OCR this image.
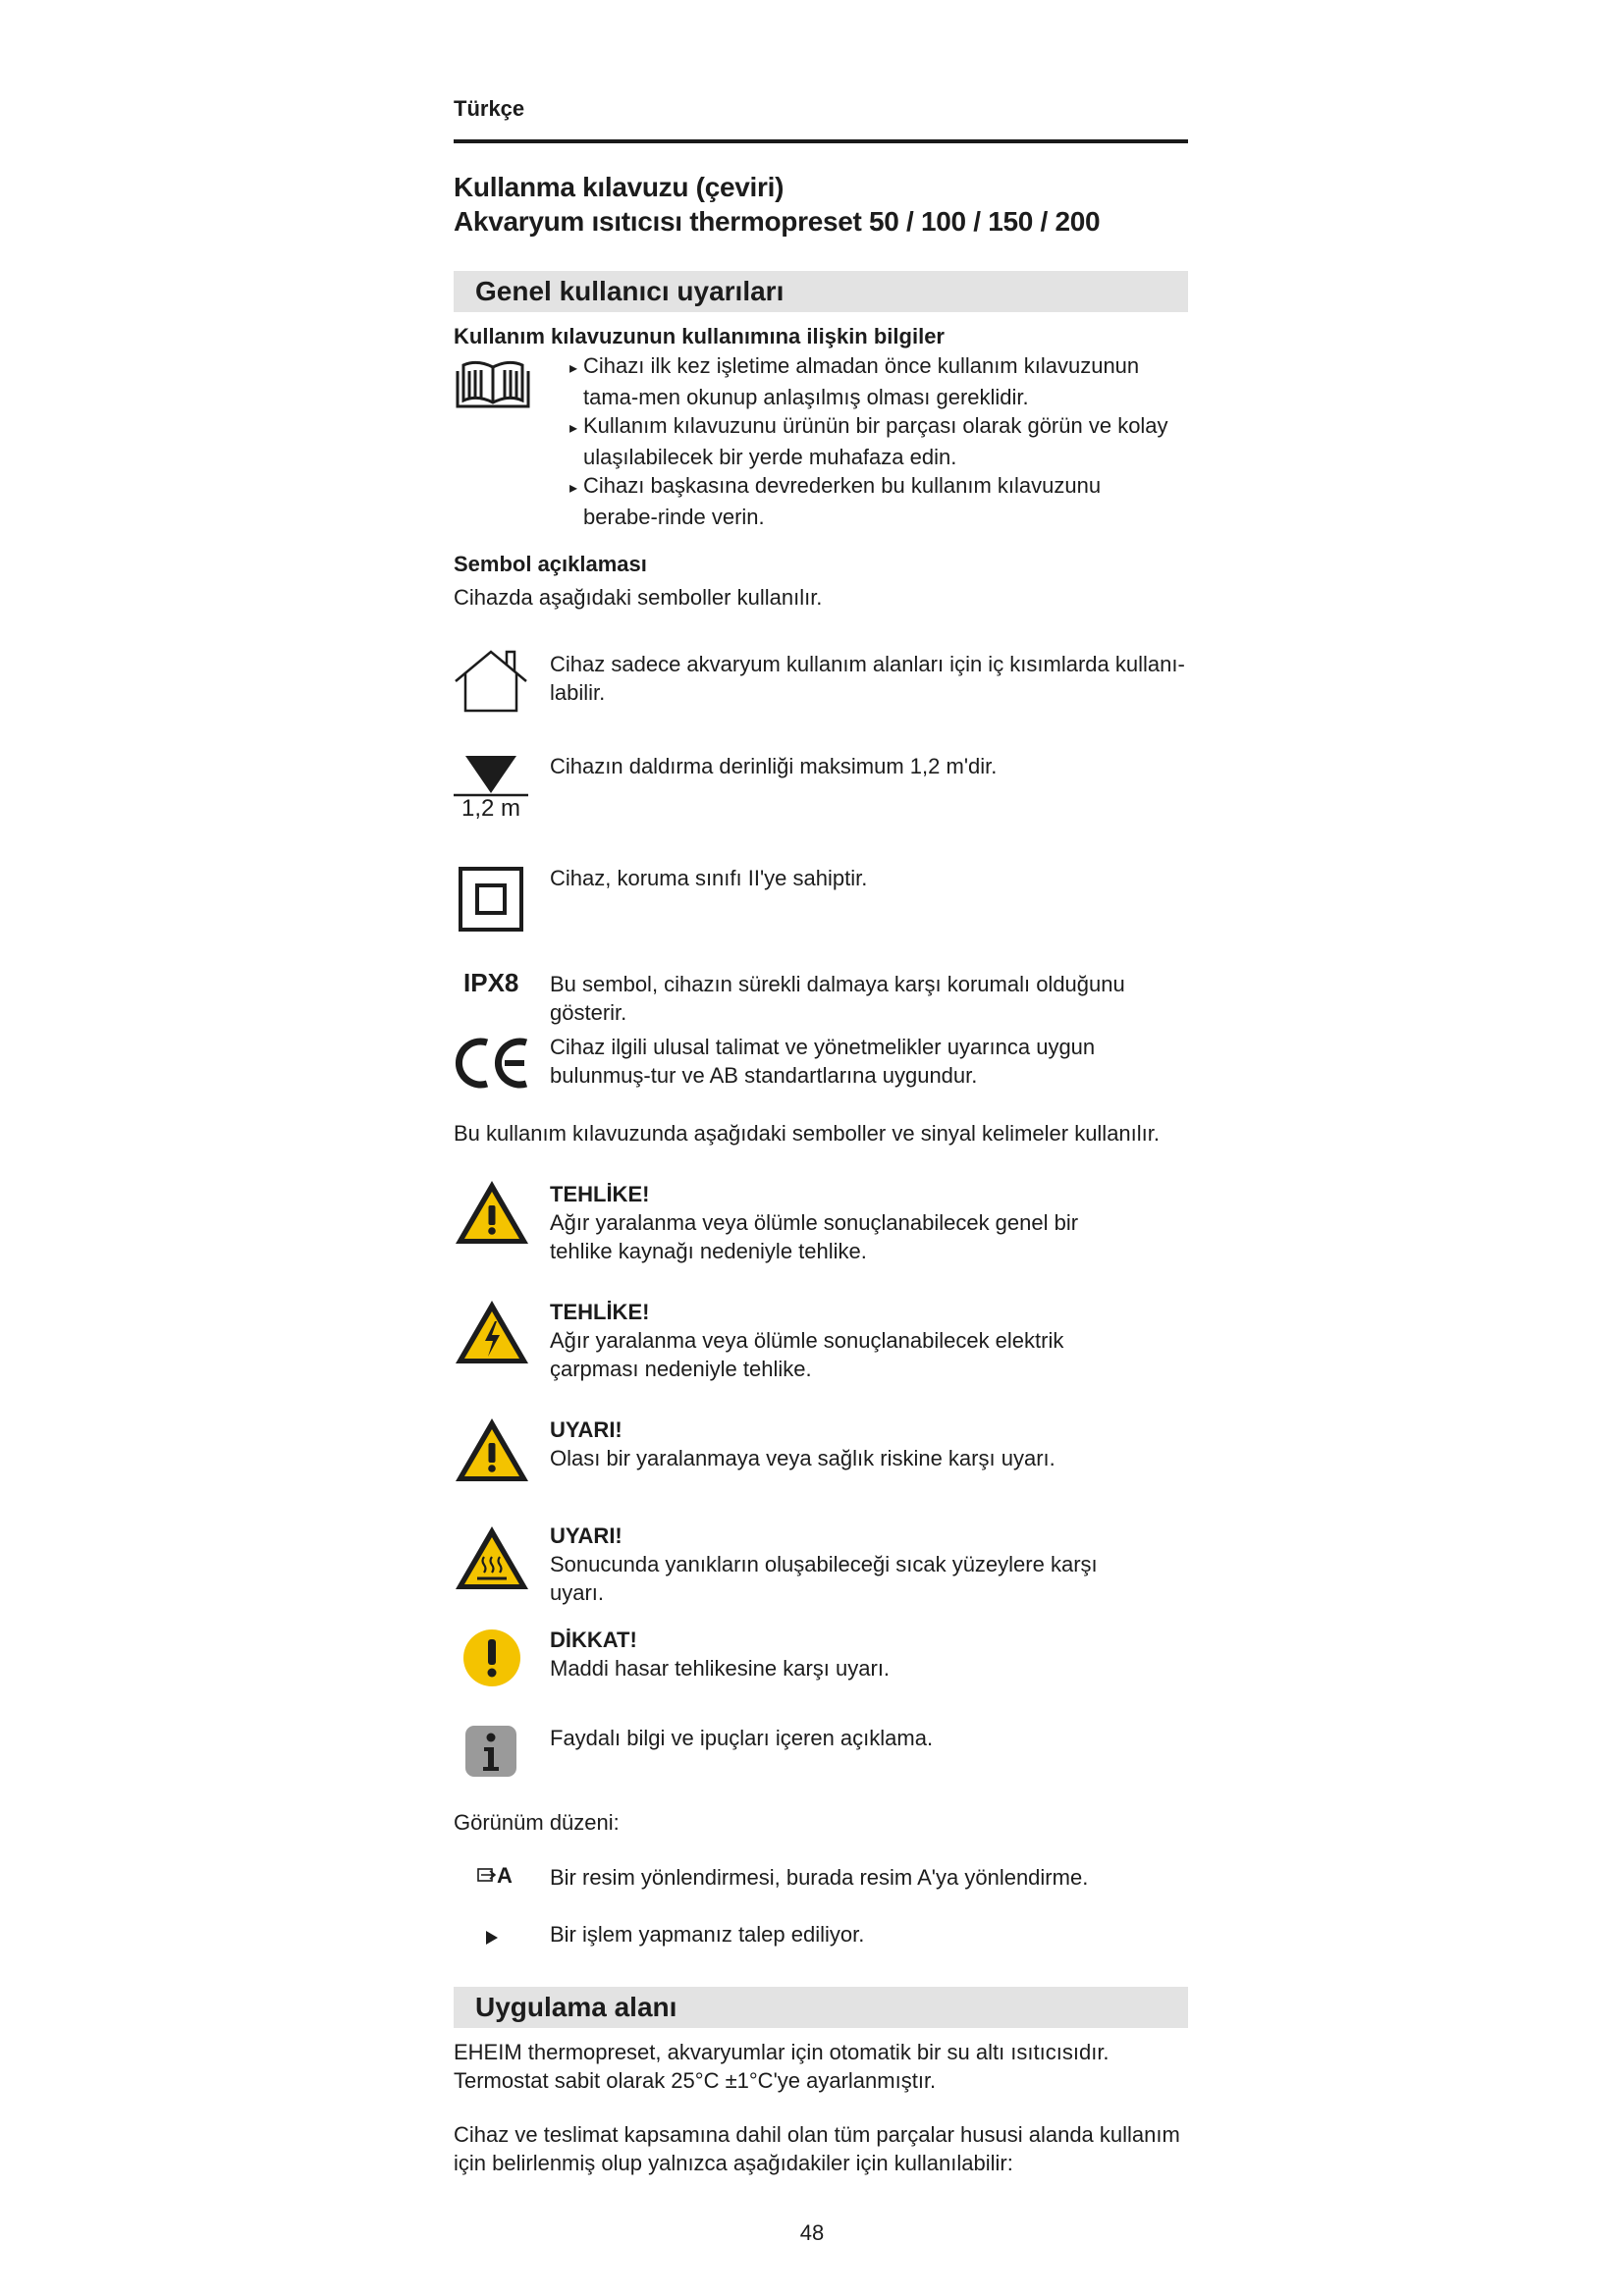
Türkçe
Kullanma kılavuzu (çeviri)
Akvaryum ısıtıcısı thermopreset 50 / 100 / 150 / 200
Genel kullanıcı uyarıları
Kullanım kılavuzunun kullanımına ilişkin bilgiler
▸ Cihazı ilk kez işletime almadan önce kullanım kılavuzunun tama-men okunup anlaşılmış olması gereklidir.
▸ Kullanım kılavuzunu ürünün bir parçası olarak görün ve kolay ulaşılabilecek bir yerde muhafaza edin.
▸ Cihazı başkasına devrederken bu kullanım kılavuzunu berabe-rinde verin.
Sembol açıklaması
Cihazda aşağıdaki semboller kullanılır.
Cihaz sadece akvaryum kullanım alanları için iç kısımlarda kullanı-labilir.
1,2 m
Cihazın daldırma derinliği maksimum 1,2 m'dir.
Cihaz, koruma sınıfı II'ye sahiptir.
IPX8 Bu sembol, cihazın sürekli dalmaya karşı korumalı olduğunu gösterir.
Cihaz ilgili ulusal talimat ve yönetmelikler uyarınca uygun bulunmuş-tur ve AB standartlarına uygundur.
Bu kullanım kılavuzunda aşağıdaki semboller ve sinyal kelimeler kullanılır.
TEHLİKE!
Ağır yaralanma veya ölümle sonuçlanabilecek genel bir tehlike kaynağı nedeniyle tehlike.
TEHLİKE!
Ağır yaralanma veya ölümle sonuçlanabilecek elektrik çarpması nedeniyle tehlike.
UYARI!
Olası bir yaralanmaya veya sağlık riskine karşı uyarı.
UYARI!
Sonucunda yanıkların oluşabileceği sıcak yüzeylere karşı uyarı.
DİKKAT!
Maddi hasar tehlikesine karşı uyarı.
Faydalı bilgi ve ipuçları içeren açıklama.
Görünüm düzeni:
A Bir resim yönlendirmesi, burada resim A'ya yönlendirme.
Bir işlem yapmanız talep ediliyor.
Uygulama alanı
EHEIM thermopreset, akvaryumlar için otomatik bir su altı ısıtıcısıdır. Termostat sabit olarak 25°C ±1°C'ye ayarlanmıştır.
Cihaz ve teslimat kapsamına dahil olan tüm parçalar hususi alanda kullanım için belirlenmiş olup yalnızca aşağıdakiler için kullanılabilir:
48
